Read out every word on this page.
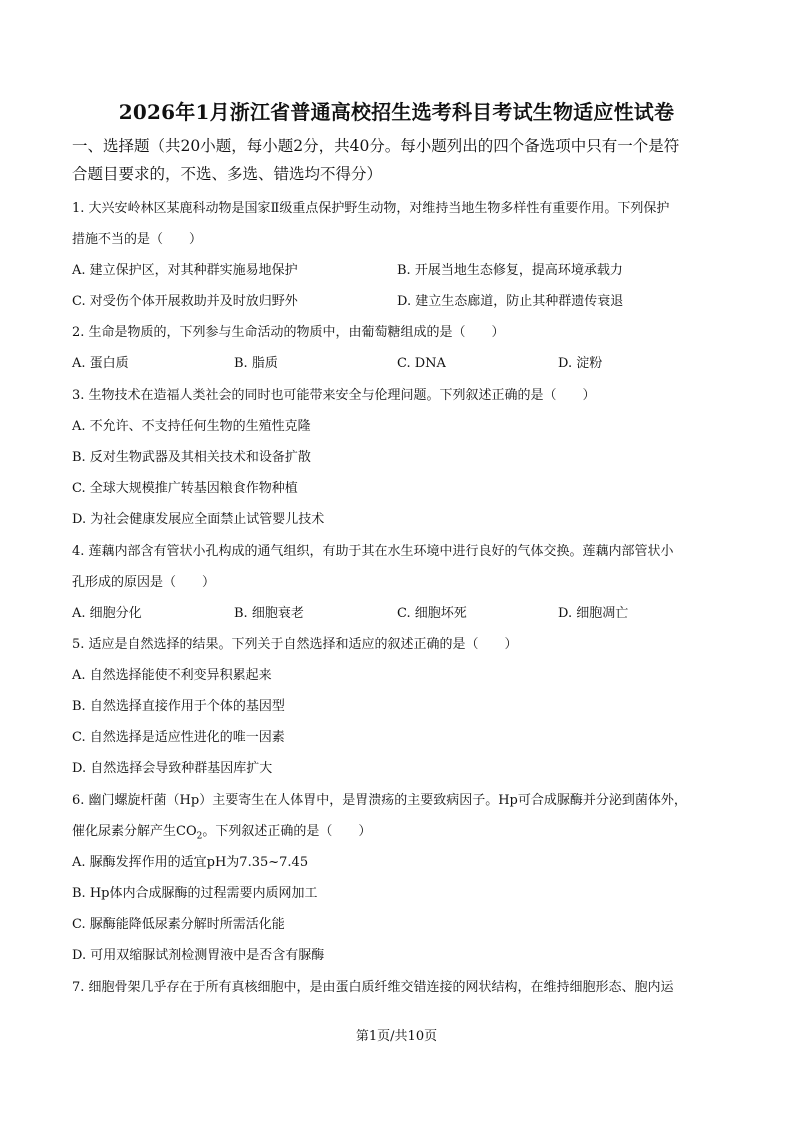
2026年1月浙江省普通高校招生选考科目考试生物适应性试卷
一、选择题（共20小题，每小题2分，共40分。每小题列出的四个备选项中只有一个是符
合题目要求的，不选、多选、错选均不得分）
1. 大兴安岭林区某鹿科动物是国家Ⅱ级重点保护野生动物，对维持当地生物多样性有重要作用。下列保护
措施不当的是（　　）
A. 建立保护区，对其种群实施易地保护	B. 开展当地生态修复，提高环境承载力
C. 对受伤个体开展救助并及时放归野外	D. 建立生态廊道，防止其种群遗传衰退
2. 生命是物质的，下列参与生命活动的物质中，由葡萄糖组成的是（　　）
A. 蛋白质	B. 脂质	C. DNA	D. 淀粉
3. 生物技术在造福人类社会的同时也可能带来安全与伦理问题。下列叙述正确的是（　　）
A. 不允许、不支持任何生物的生殖性克隆
B. 反对生物武器及其相关技术和设备扩散
C. 全球大规模推广转基因粮食作物种植
D. 为社会健康发展应全面禁止试管婴儿技术
4. 莲藕内部含有管状小孔构成的通气组织，有助于其在水生环境中进行良好的气体交换。莲藕内部管状小
孔形成的原因是（　　）
A. 细胞分化	B. 细胞衰老	C. 细胞坏死	D. 细胞凋亡
5. 适应是自然选择的结果。下列关于自然选择和适应的叙述正确的是（　　）
A. 自然选择能使不利变异积累起来
B. 自然选择直接作用于个体的基因型
C. 自然选择是适应性进化的唯一因素
D. 自然选择会导致种群基因库扩大
6. 幽门螺旋杆菌（Hp）主要寄生在人体胃中，是胃溃疡的主要致病因子。Hp可合成脲酶并分泌到菌体外，
催化尿素分解产生$CO_2$。下列叙述正确的是（　　）
A. 脲酶发挥作用的适宜pH为7.35~7.45
B. Hp体内合成脲酶的过程需要内质网加工
C. 脲酶能降低尿素分解时所需活化能
D. 可用双缩脲试剂检测胃液中是否含有脲酶
7. 细胞骨架几乎存在于所有真核细胞中，是由蛋白质纤维交错连接的网状结构，在维持细胞形态、胞内运
第1页/共10页
